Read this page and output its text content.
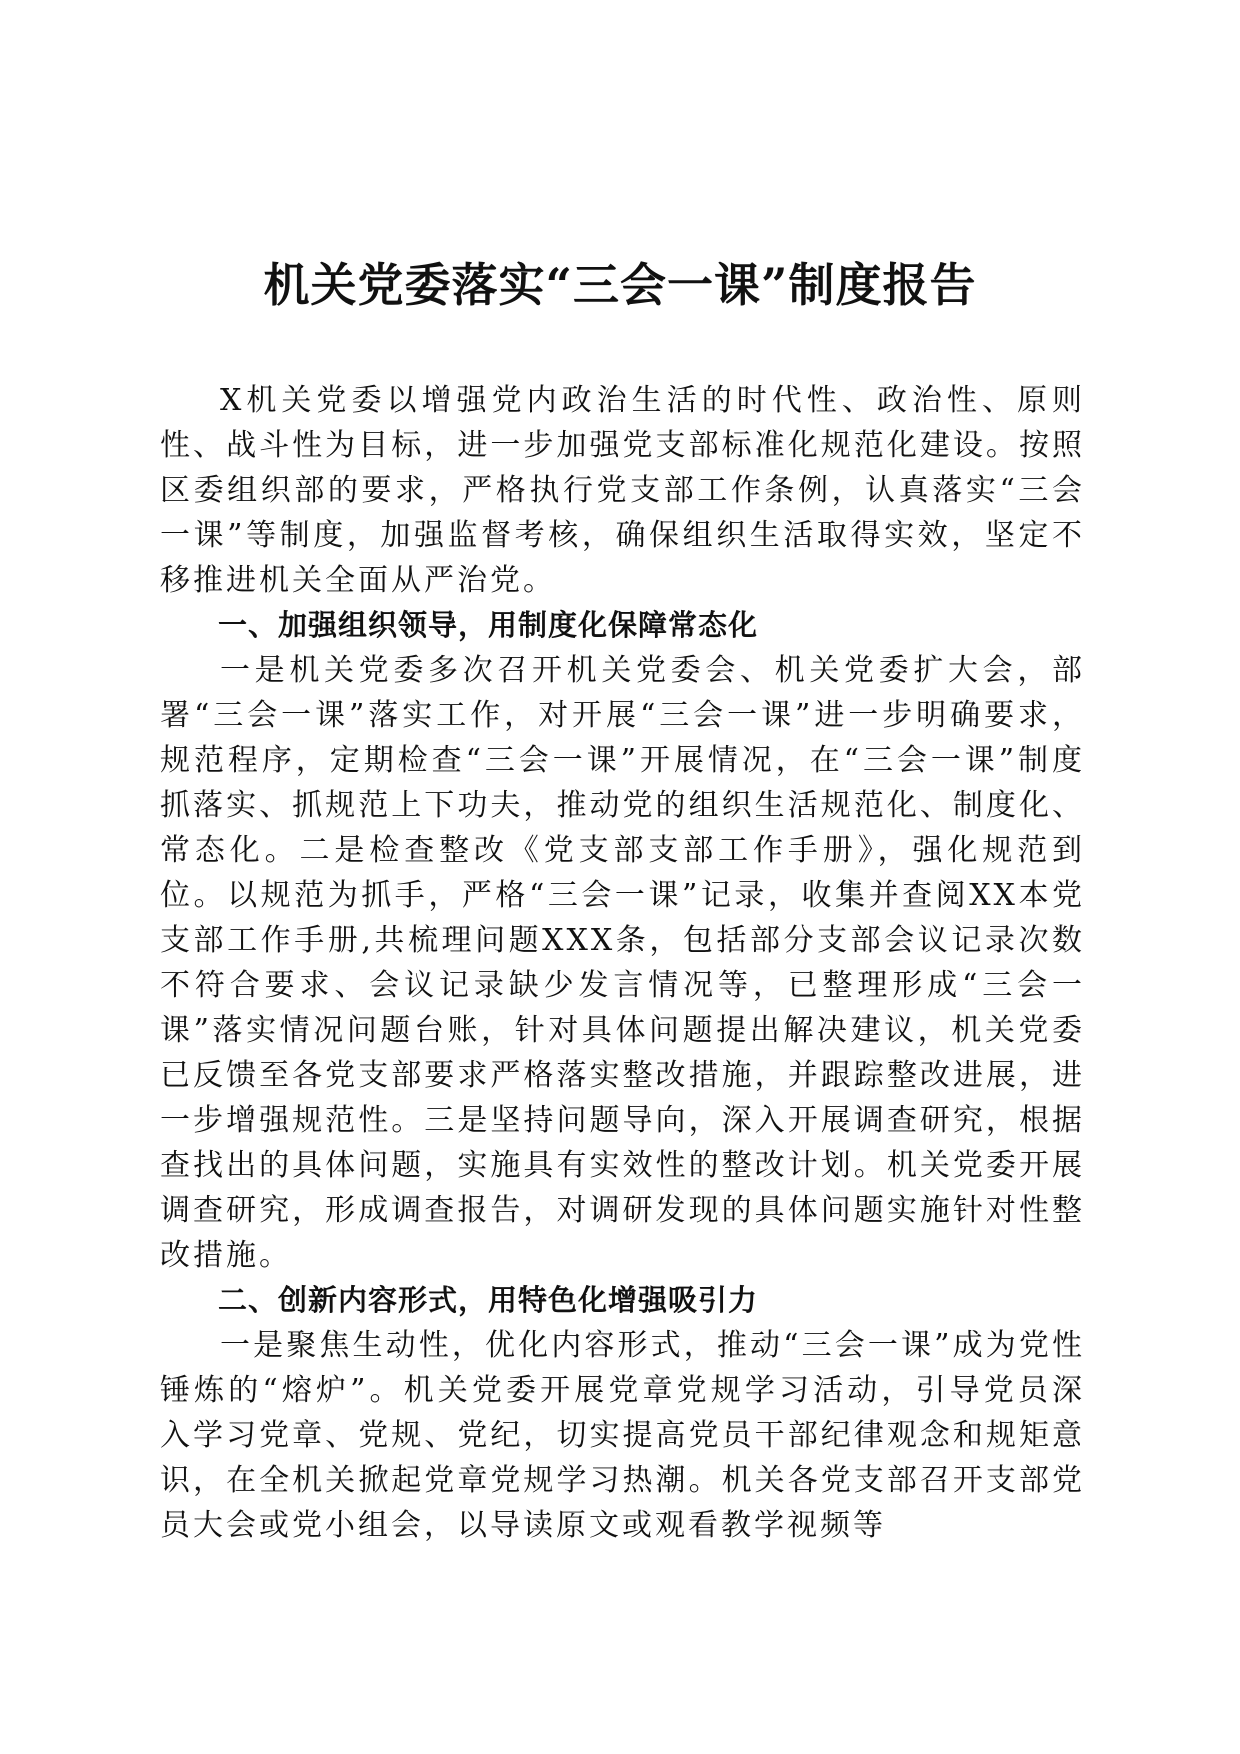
机关党委落实“三会一课”制度报告

X机关党委以增强党内政治生活的时代性、政治性、原则性、战斗性为目标，进一步加强党支部标准化规范化建设。按照区委组织部的要求，严格执行党支部工作条例，认真落实“三会一课”等制度，加强监督考核，确保组织生活取得实效，坚定不移推进机关全面从严治党。

一、加强组织领导，用制度化保障常态化

一是机关党委多次召开机关党委会、机关党委扩大会，部署“三会一课”落实工作，对开展“三会一课”进一步明确要求，规范程序，定期检查“三会一课”开展情况，在“三会一课”制度抓落实、抓规范上下功夫，推动党的组织生活规范化、制度化、常态化。二是检查整改《党支部支部工作手册》，强化规范到位。以规范为抓手，严格“三会一课”记录，收集并查阅XX本党支部工作手册,共梳理问题XXX条，包括部分支部会议记录次数不符合要求、会议记录缺少发言情况等，已整理形成“三会一课”落实情况问题台账，针对具体问题提出解决建议，机关党委已反馈至各党支部要求严格落实整改措施，并跟踪整改进展，进一步增强规范性。三是坚持问题导向，深入开展调查研究，根据查找出的具体问题，实施具有实效性的整改计划。机关党委开展调查研究，形成调查报告，对调研发现的具体问题实施针对性整改措施。

二、创新内容形式，用特色化增强吸引力

一是聚焦生动性，优化内容形式，推动“三会一课”成为党性锤炼的“熔炉”。机关党委开展党章党规学习活动，引导党员深入学习党章、党规、党纪，切实提高党员干部纪律观念和规矩意识，在全机关掀起党章党规学习热潮。机关各党支部召开支部党员大会或党小组会，以导读原文或观看教学视频等
